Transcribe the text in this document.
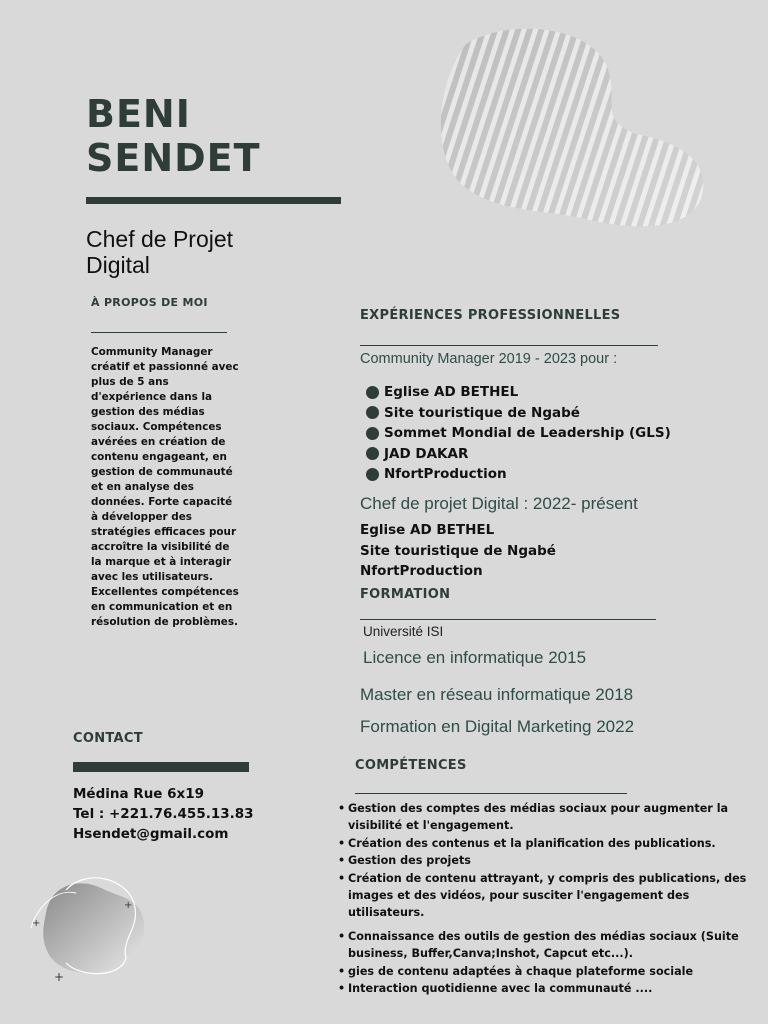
BENI
SENDET
Chef de Projet
Digital
À PROPOS DE MOI
Community Manager créatif et passionné avec plus de 5 ans d'expérience dans la gestion des médias sociaux. Compétences avérées en création de contenu engageant, en gestion de communauté et en analyse des données. Forte capacité à développer des stratégies efficaces pour accroître la visibilité de la marque et à interagir avec les utilisateurs. Excellentes compétences en communication et en résolution de problèmes.
CONTACT
Médina Rue 6x19
Tel : +221.76.455.13.83
Hsendet@gmail.com
+
+
+
EXPÉRIENCES PROFESSIONNELLES
Community Manager 2019 - 2023 pour :
Eglise AD BETHEL
Site touristique de Ngabé
Sommet Mondial de Leadership (GLS)
JAD DAKAR
NfortProduction
Chef de projet Digital : 2022- présent
Eglise AD BETHEL
Site touristique de Ngabé
NfortProduction
FORMATION
Université ISI
Licence en informatique 2015
Master en réseau informatique 2018
Formation en Digital Marketing 2022
COMPÉTENCES
• Gestion des comptes des médias sociaux pour augmenter la visibilité et l'engagement.
• Création des contenus et la planification des publications.
• Gestion des projets
• Création de contenu attrayant, y compris des publications, des images et des vidéos, pour susciter l'engagement des utilisateurs.
• Connaissance des outils de gestion des médias sociaux (Suite business, Buffer,Canva;Inshot, Capcut etc...).
• gies de contenu adaptées à chaque plateforme sociale
• Interaction quotidienne avec la communauté ....
